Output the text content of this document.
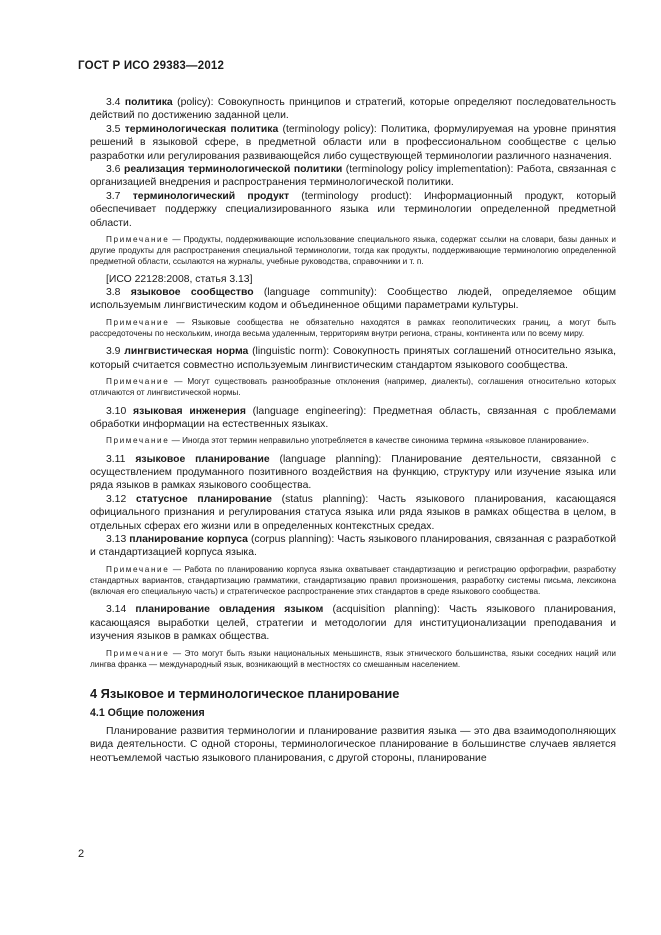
ГОСТ Р ИСО 29383—2012

3.4 политика (policy): Совокупность принципов и стратегий, которые определяют последовательность действий по достижению заданной цели.

3.5 терминологическая политика (terminology policy): Политика, формулируемая на уровне принятия решений в языковой сфере, в предметной области или в профессиональном сообществе с целью разработки или регулирования развивающейся либо существующей терминологии различного назначения.

3.6 реализация терминологической политики (terminology policy implementation): Работа, связанная с организацией внедрения и распространения терминологической политики.

3.7 терминологический продукт (terminology product): Информационный продукт, который обеспечивает поддержку специализированного языка или терминологии определенной предметной области.

Примечание — Продукты, поддерживающие использование специального языка, содержат ссылки на словари, базы данных и другие продукты для распространения специальной терминологии, тогда как продукты, поддерживающие терминологию определенной предметной области, ссылаются на журналы, учебные руководства, справочники и т. п.

[ИСО 22128:2008, статья 3.13]

3.8 языковое сообщество (language community): Сообщество людей, определяемое общим используемым лингвистическим кодом и объединенное общими параметрами культуры.

Примечание — Языковые сообщества не обязательно находятся в рамках геополитических границ, а могут быть рассредоточены по нескольким, иногда весьма удаленным, территориям внутри региона, страны, континента или по всему миру.

3.9 лингвистическая норма (linguistic norm): Совокупность принятых соглашений относительно языка, который считается совместно используемым лингвистическим стандартом языкового сообщества.

Примечание — Могут существовать разнообразные отклонения (например, диалекты), соглашения относительно которых отличаются от лингвистической нормы.

3.10 языковая инженерия (language engineering): Предметная область, связанная с проблемами обработки информации на естественных языках.

Примечание — Иногда этот термин неправильно употребляется в качестве синонима термина «языковое планирование».

3.11 языковое планирование (language planning): Планирование деятельности, связанной с осуществлением продуманного позитивного воздействия на функцию, структуру или изучение языка или ряда языков в рамках языкового сообщества.

3.12 статусное планирование (status planning): Часть языкового планирования, касающаяся официального признания и регулирования статуса языка или ряда языков в рамках общества в целом, в отдельных сферах его жизни или в определенных контекстных средах.

3.13 планирование корпуса (corpus planning): Часть языкового планирования, связанная с разработкой и стандартизацией корпуса языка.

Примечание — Работа по планированию корпуса языка охватывает стандартизацию и регистрацию орфографии, разработку стандартных вариантов, стандартизацию грамматики, стандартизацию правил произношения, разработку системы письма, лексикона (включая его специальную часть) и стратегическое распространение этих стандартов в среде языкового сообщества.

3.14 планирование овладения языком (acquisition planning): Часть языкового планирования, касающаяся выработки целей, стратегии и методологии для институционализации преподавания и изучения языков в рамках общества.

Примечание — Это могут быть языки национальных меньшинств, язык этнического большинства, языки соседних наций или лингва франка — международный язык, возникающий в местностях со смешанным населением.

4 Языковое и терминологическое планирование

4.1 Общие положения

Планирование развития терминологии и планирование развития языка — это два взаимодополняющих вида деятельности. С одной стороны, терминологическое планирование в большинстве случаев является неотъемлемой частью языкового планирования, с другой стороны, планирование

2
